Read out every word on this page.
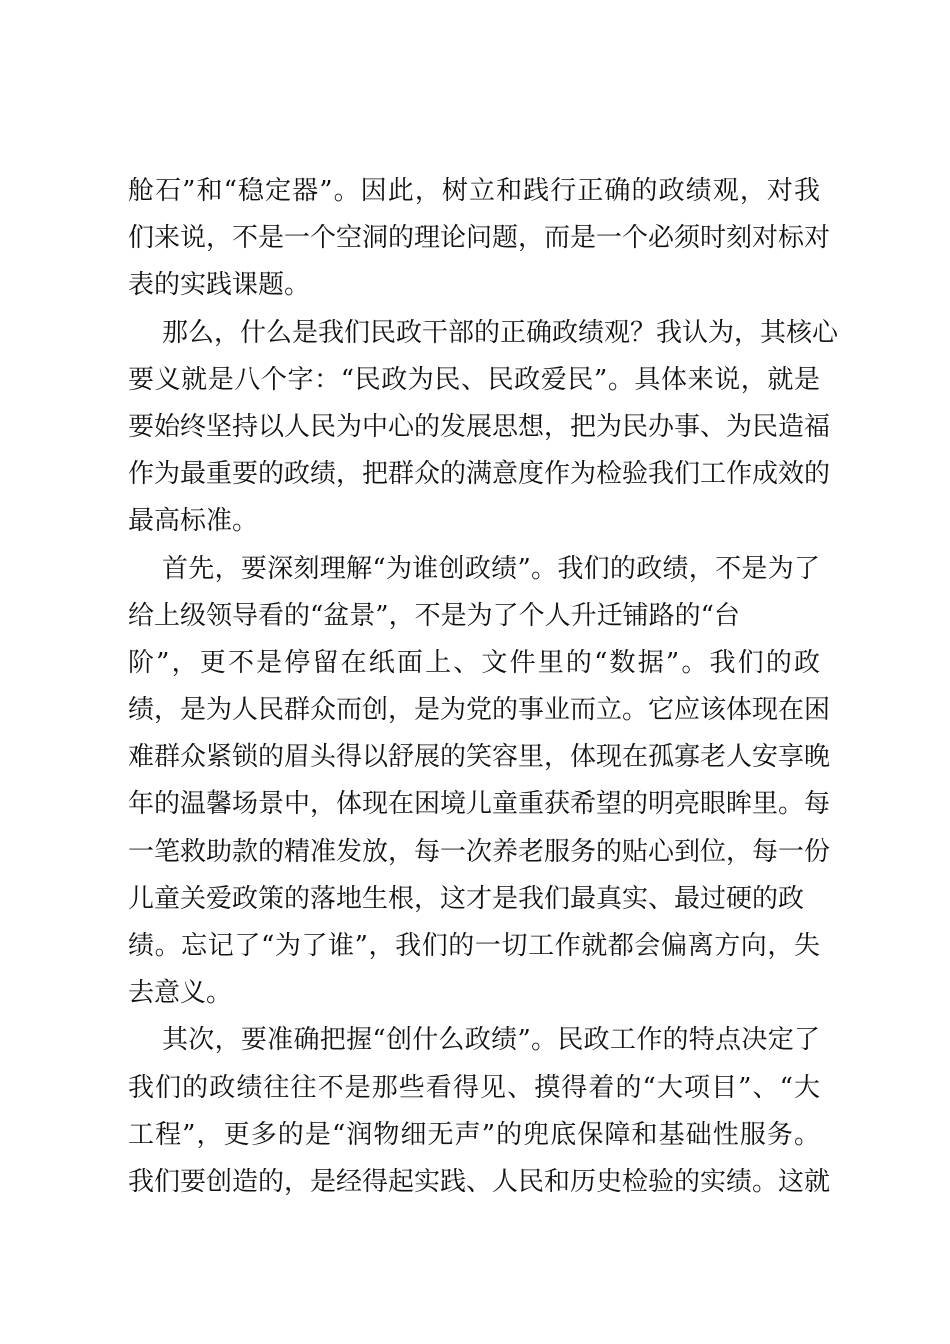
舱石”和“稳定器”。因此，树立和践行正确的政绩观，对我
们来说，不是一个空洞的理论问题，而是一个必须时刻对标对
表的实践课题。
那么，什么是我们民政干部的正确政绩观？我认为，其核心
要义就是八个字：“民政为民、民政爱民”。具体来说，就是
要始终坚持以人民为中心的发展思想，把为民办事、为民造福
作为最重要的政绩，把群众的满意度作为检验我们工作成效的
最高标准。
首先，要深刻理解“为谁创政绩”。我们的政绩，不是为了
给上级领导看的“盆景”，不是为了个人升迁铺路的“台
阶”，更不是停留在纸面上、文件里的“数据”。我们的政
绩，是为人民群众而创，是为党的事业而立。它应该体现在困
难群众紧锁的眉头得以舒展的笑容里，体现在孤寡老人安享晚
年的温馨场景中，体现在困境儿童重获希望的明亮眼眸里。每
一笔救助款的精准发放，每一次养老服务的贴心到位，每一份
儿童关爱政策的落地生根，这才是我们最真实、最过硬的政
绩。忘记了“为了谁”，我们的一切工作就都会偏离方向，失
去意义。
其次，要准确把握“创什么政绩”。民政工作的特点决定了
我们的政绩往往不是那些看得见、摸得着的“大项目”、“大
工程”，更多的是“润物细无声”的兜底保障和基础性服务。
我们要创造的，是经得起实践、人民和历史检验的实绩。这就
